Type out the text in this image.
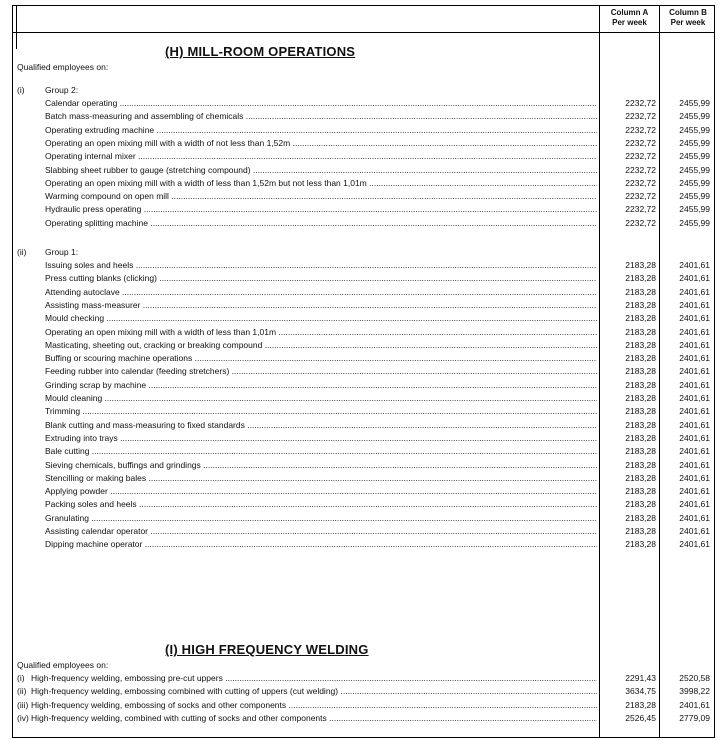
Column A
Per week
Column B
Per week
(H) MILL-ROOM OPERATIONS
Qualified employees on:
(i) Group 2:
Calendar operating .....	2232,72	2455,99
Batch mass-measuring and assembling of chemicals .....	2232,72	2455,99
Operating extruding machine .....	2232,72	2455,99
Operating an open mixing mill with a width of not less than 1,52m .....	2232,72	2455,99
Operating internal mixer .....	2232,72	2455,99
Slabbing sheet rubber to gauge (stretching compound) .....	2232,72	2455,99
Operating an open mixing mill with a width of less than 1,52m but not less than 1,01m .....	2232,72	2455,99
Warming compound on open mill .....	2232,72	2455,99
Hydraulic press operating .....	2232,72	2455,99
Operating splitting machine .....	2232,72	2455,99
(ii) Group 1:
Issuing soles and heels .....	2183,28	2401,61
Press cutting blanks (clicking) .....	2183,28	2401,61
Attending autoclave .....	2183,28	2401,61
Assisting mass-measurer .....	2183,28	2401,61
Mould checking .....	2183,28	2401,61
Operating an open mixing mill with a width of less than 1,01m .....	2183,28	2401,61
Masticating, sheeting out, cracking or breaking compound .....	2183,28	2401,61
Buffing or scouring machine operations .....	2183,28	2401,61
Feeding rubber into calendar (feeding stretchers) .....	2183,28	2401,61
Grinding scrap by machine .....	2183,28	2401,61
Mould cleaning .....	2183,28	2401,61
Trimming .....	2183,28	2401,61
Blank cutting and mass-measuring to fixed standards .....	2183,28	2401,61
Extruding into trays .....	2183,28	2401,61
Bale cutting .....	2183,28	2401,61
Sieving chemicals, buffings and grindings .....	2183,28	2401,61
Stencilling or making bales .....	2183,28	2401,61
Applying powder .....	2183,28	2401,61
Packing soles and heels .....	2183,28	2401,61
Granulating .....	2183,28	2401,61
Assisting calendar operator .....	2183,28	2401,61
Dipping machine operator .....	2183,28	2401,61
(I) HIGH FREQUENCY WELDING
Qualified employees on:
(i) High-frequency welding, embossing pre-cut uppers .....	2291,43	2520,58
(ii) High-frequency welding, embossing combined with cutting of uppers (cut welding) .....	3634,75	3998,22
(iii) High-frequency welding, embossing of socks and other components .....	2183,28	2401,61
(iv) High-frequency welding, combined with cutting of socks and other components .....	2526,45	2779,09
